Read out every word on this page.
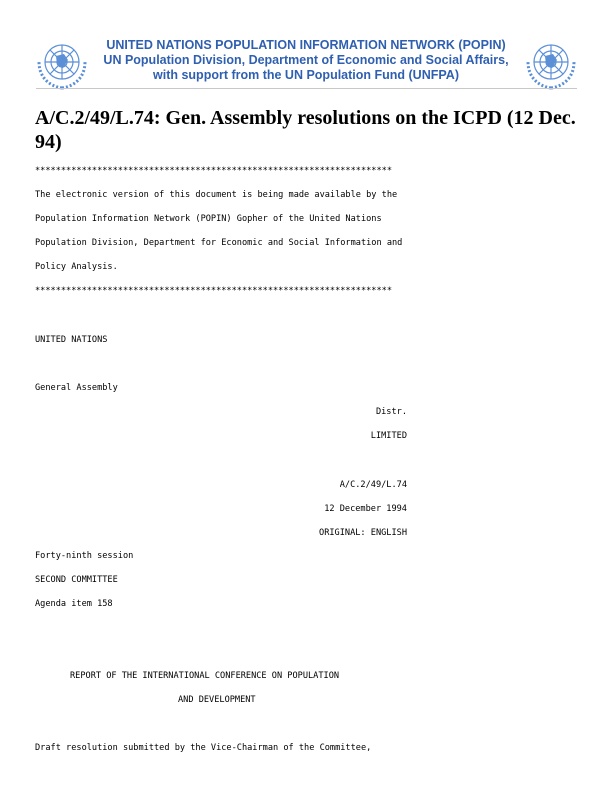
UNITED NATIONS POPULATION INFORMATION NETWORK (POPIN)
UN Population Division, Department of Economic and Social Affairs,
with support from the UN Population Fund (UNFPA)
A/C.2/49/L.74: Gen. Assembly resolutions on the ICPD (12 Dec. 94)
*********************************************************************
The electronic version of this document is being made available by the
Population Information Network (POPIN) Gopher of the United Nations
Population Division, Department for Economic and Social Information and
Policy Analysis.
*********************************************************************
UNITED NATIONS
General Assembly
Distr.
LIMITED
A/C.2/49/L.74
12 December 1994
ORIGINAL: ENGLISH
Forty-ninth session
SECOND COMMITTEE
Agenda item 158
REPORT OF THE INTERNATIONAL CONFERENCE ON POPULATION
AND DEVELOPMENT
Draft resolution submitted by the Vice-Chairman of the Committee,
